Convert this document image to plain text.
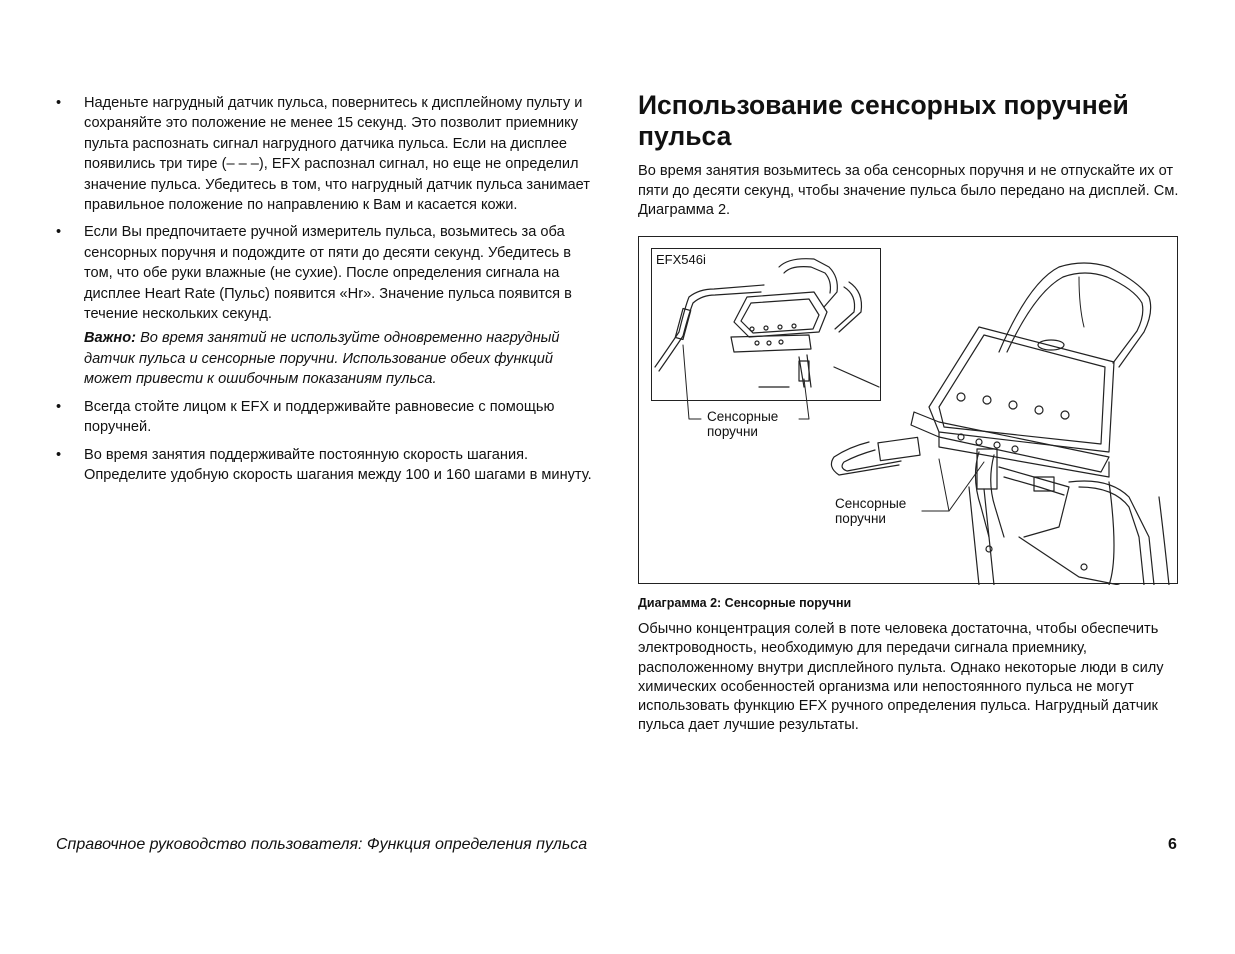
• Наденьте нагрудный датчик пульса, повернитесь к дисплейному пульту и сохраняйте это положение не менее 15 секунд. Это позволит приемнику пульта распознать сигнал нагрудного датчика пульса. Если на дисплее появились три тире (– – –), EFX распознал сигнал, но еще не определил значение пульса. Убедитесь в том, что нагрудный датчик пульса занимает правильное положение по направлению к Вам и касается кожи.

• Если Вы предпочитаете ручной измеритель пульса, возьмитесь за оба сенсорных поручня и подождите от пяти до десяти секунд. Убедитесь в том, что обе руки влажные (не сухие). После определения сигнала на дисплее Heart Rate (Пульс) появится «Hr». Значение пульса появится в течение нескольких секунд.

Важно: Во время занятий не используйте одновременно нагрудный датчик пульса и сенсорные поручни. Использование обеих функций может привести к ошибочным показаниям пульса.

• Всегда стойте лицом к EFX и поддерживайте равновесие с помощью поручней.

• Во время занятия поддерживайте постоянную скорость шагания. Определите удобную скорость шагания между 100 и 160 шагами в минуту.

Использование сенсорных поручней пульса

Во время занятия возьмитесь за оба сенсорных поручня и не отпускайте их от пяти до десяти секунд, чтобы значение пульса было передано на дисплей. См. Диаграмма 2.

EFX546i
Сенсорные
поручни
Сенсорные
поручни
Диаграмма 2: Сенсорные поручни

Обычно концентрация солей в поте человека достаточна, чтобы обеспечить электроводность, необходимую для передачи сигнала приемнику, расположенному внутри дисплейного пульта. Однако некоторые люди в силу химических особенностей организма или непостоянного пульса не могут использовать функцию EFX ручного определения пульса. Нагрудный датчик пульса дает лучшие результаты.

Справочное руководство пользователя: Функция определения пульса	6
